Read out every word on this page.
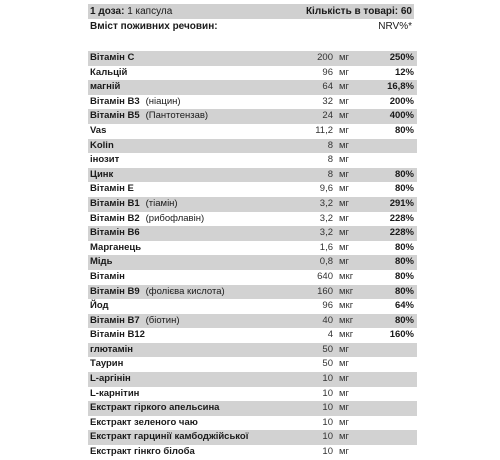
1 доза: 1 капсула	Кількість в товарі: 60
Вміст поживних речовин:	NRV%*
Вітамін С	200 мг	250%
Кальцій	96 мг	12%
магній	64 мг	16,8%
Вітамін В3 (ніацин)	32 мг	200%
Вітамін В5 (Пантотензав)	24 мг	400%
Vas	11,2 мг	80%
Kolin	8 мг	
інозит	8 мг	
Цинк	8 мг	80%
Вітамін Е	9,6 мг	80%
Вітамін В1 (тіамін)	3,2 мг	291%
Вітамін В2 (рибофлавін)	3,2 мг	228%
Вітамін В6	3,2 мг	228%
Марганець	1,6 мг	80%
Мідь	0,8 мг	80%
Вітамін	640 мкг	80%
Вітамін В9 (фолієва кислота)	160 мкг	80%
Йод	96 мкг	64%
Вітамін В7 (біотин)	40 мкг	80%
Вітамін В12	4 мкг	160%
глютамін	50 мг	
Таурин	50 мг	
L-аргінін	10 мг	
L-карнітин	10 мг	
Екстракт гіркого апельсина	10 мг	
Екстракт зеленого чаю	10 мг	
Екстракт гарцинії камбоджійської	10 мг	
Екстракт гінкго білоба	10 мг	
